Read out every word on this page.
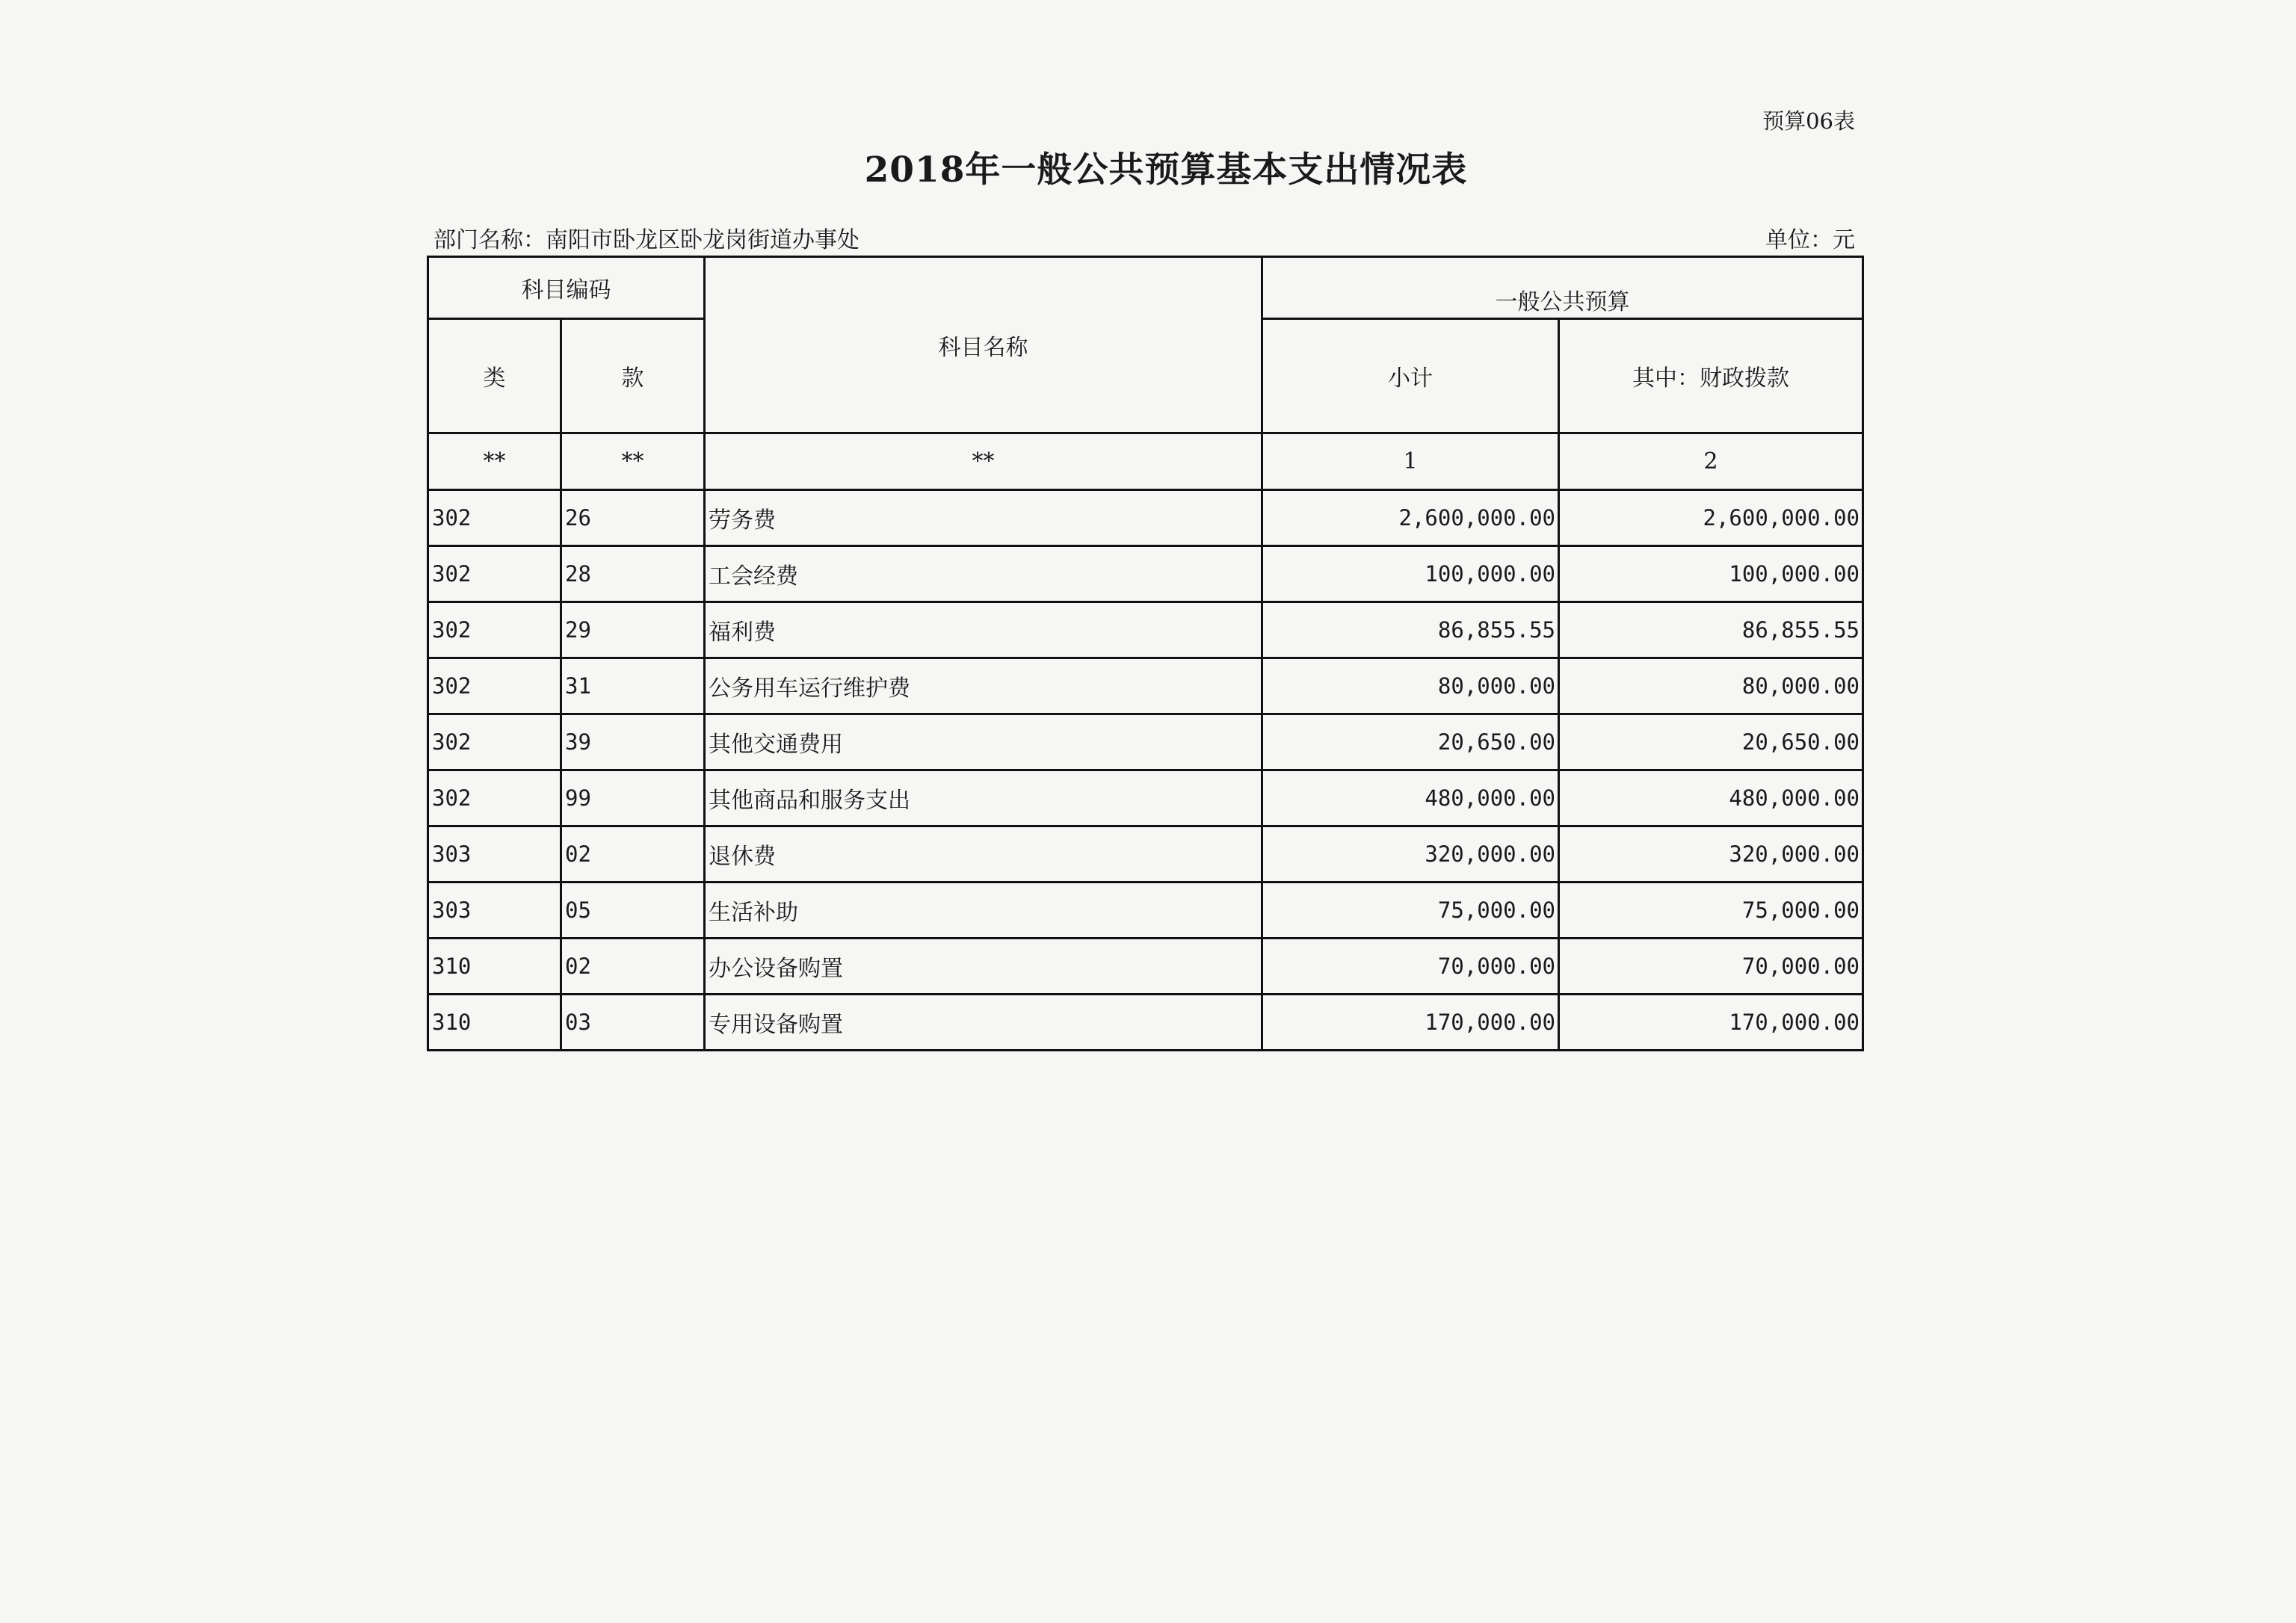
预算06表
2018年一般公共预算基本支出情况表
部门名称：南阳市卧龙区卧龙岗街道办事处	单位：元
科目编码		科目名称	一般公共预算	
类	款		小计	其中：财政拨款
**	**	**	1	2
302	26	劳务费	2,600,000.00	2,600,000.00
302	28	工会经费	100,000.00	100,000.00
302	29	福利费	86,855.55	86,855.55
302	31	公务用车运行维护费	80,000.00	80,000.00
302	39	其他交通费用	20,650.00	20,650.00
302	99	其他商品和服务支出	480,000.00	480,000.00
303	02	退休费	320,000.00	320,000.00
303	05	生活补助	75,000.00	75,000.00
310	02	办公设备购置	70,000.00	70,000.00
310	03	专用设备购置	170,000.00	170,000.00
